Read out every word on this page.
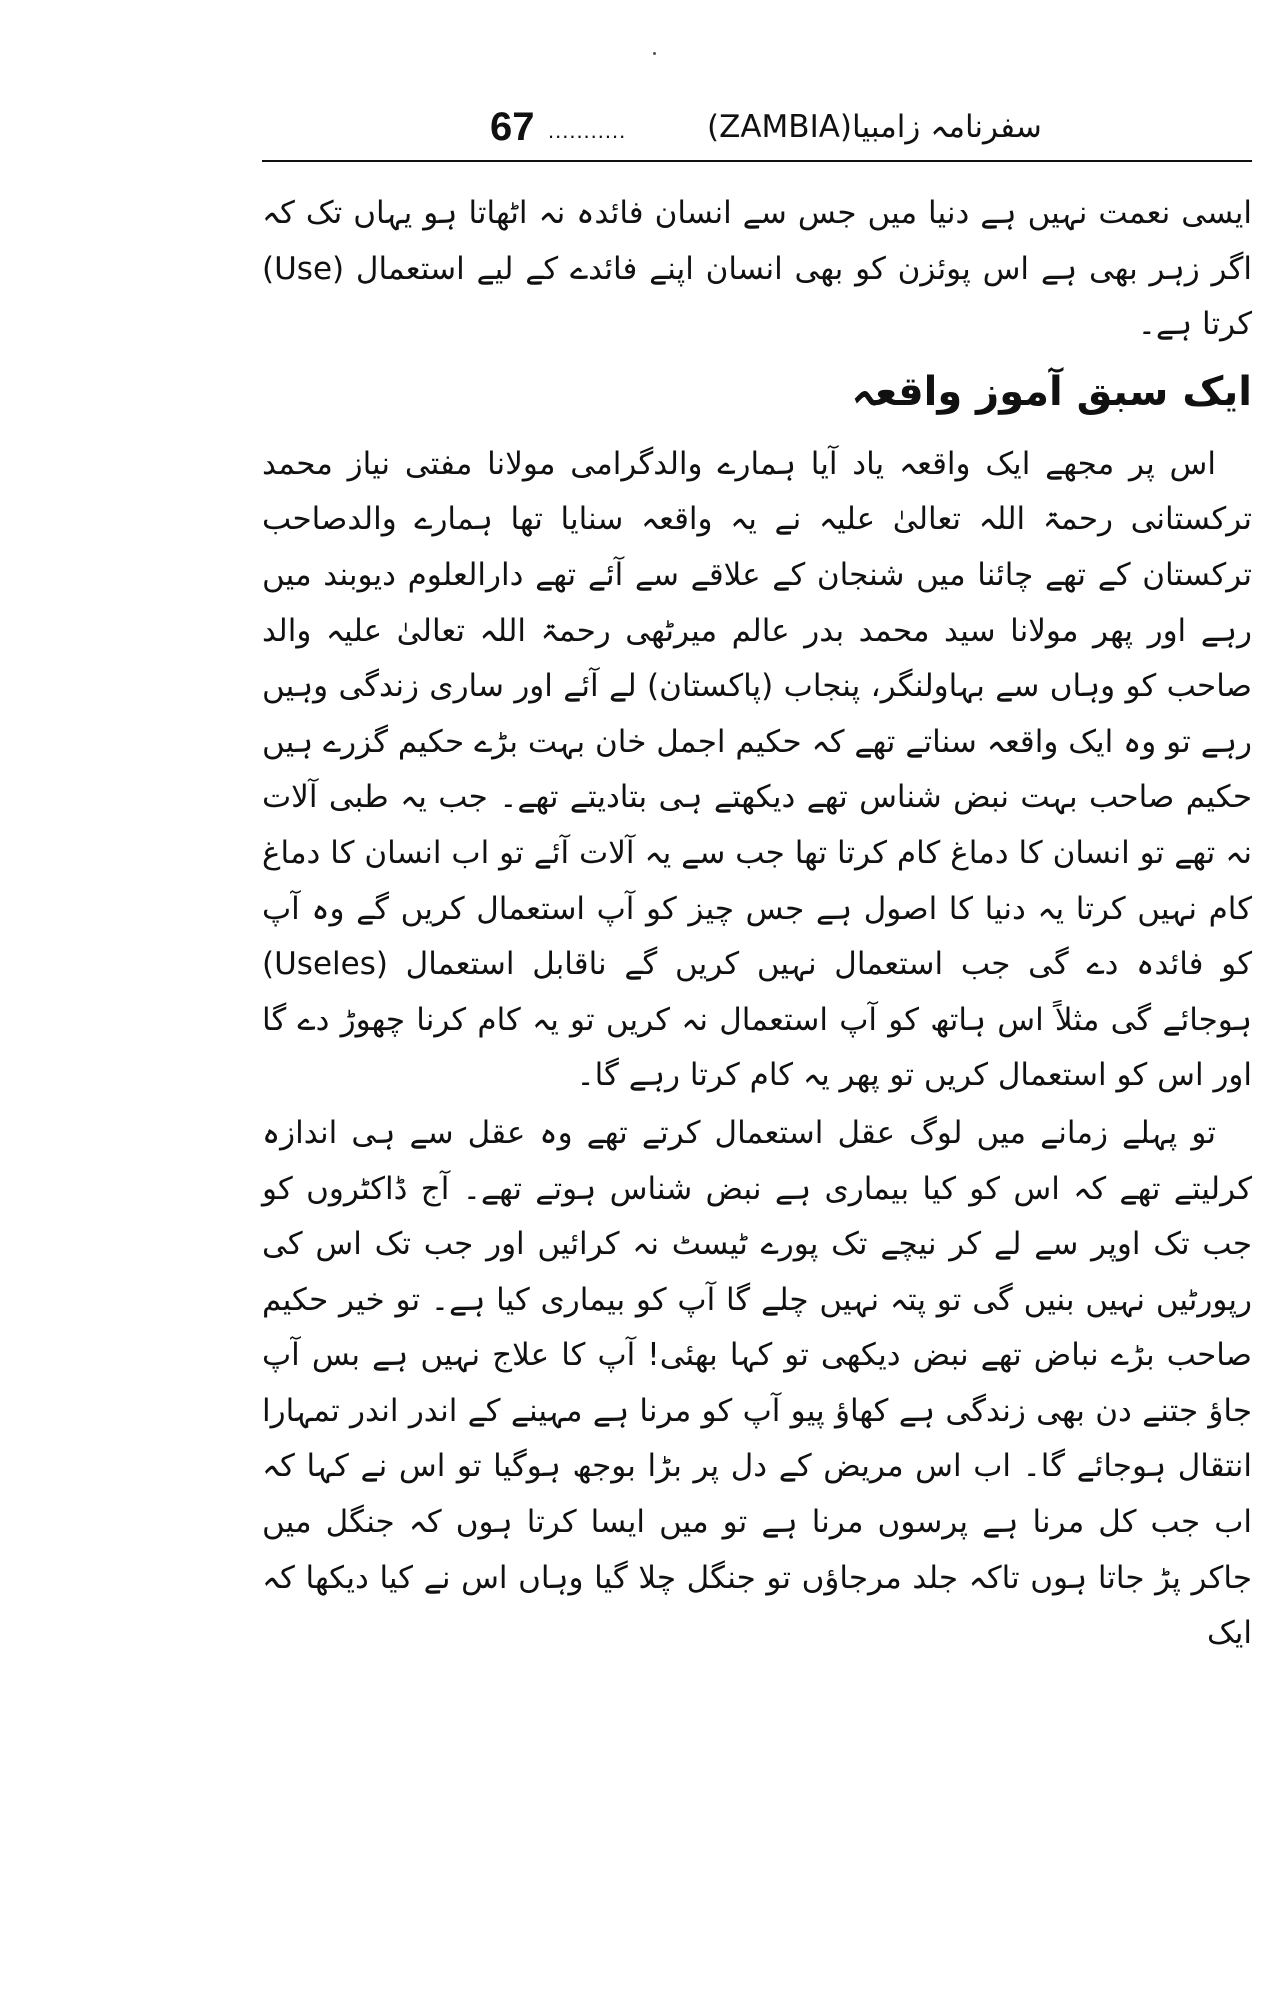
67 ...........	سفرنامہ زامبیا(ZAMBIA)

ایسی نعمت نہیں ہے دنیا میں جس سے انسان فائدہ نہ اٹھاتا ہو یہاں تک کہ اگر زہر بھی ہے اس پوئزن کو بھی انسان اپنے فائدے کے لیے استعمال (Use) کرتا ہے۔

ایک سبق آموز واقعہ

اس پر مجھے ایک واقعہ یاد آیا ہمارے والدگرامی مولانا مفتی نیاز محمد ترکستانی رحمۃ اللہ تعالیٰ علیہ نے یہ واقعہ سنایا تھا ہمارے والدصاحب ترکستان کے تھے چائنا میں شنجان کے علاقے سے آئے تھے دارالعلوم دیوبند میں رہے اور پھر مولانا سید محمد بدر عالم میرٹھی رحمۃ اللہ تعالیٰ علیہ والد صاحب کو وہاں سے بہاولنگر، پنجاب (پاکستان) لے آئے اور ساری زندگی وہیں رہے تو وہ ایک واقعہ سناتے تھے کہ حکیم اجمل خان بہت بڑے حکیم گزرے ہیں حکیم صاحب بہت نبض شناس تھے دیکھتے ہی بتادیتے تھے۔ جب یہ طبی آلات نہ تھے تو انسان کا دماغ کام کرتا تھا جب سے یہ آلات آئے تو اب انسان کا دماغ کام نہیں کرتا یہ دنیا کا اصول ہے جس چیز کو آپ استعمال کریں گے وہ آپ کو فائدہ دے گی جب استعمال نہیں کریں گے ناقابل استعمال (Useles) ہوجائے گی مثلاً اس ہاتھ کو آپ استعمال نہ کریں تو یہ کام کرنا چھوڑ دے گا اور اس کو استعمال کریں تو پھر یہ کام کرتا رہے گا۔

تو پہلے زمانے میں لوگ عقل استعمال کرتے تھے وہ عقل سے ہی اندازہ کرلیتے تھے کہ اس کو کیا بیماری ہے نبض شناس ہوتے تھے۔ آج ڈاکٹروں کو جب تک اوپر سے لے کر نیچے تک پورے ٹیسٹ نہ کرائیں اور جب تک اس کی رپورٹیں نہیں بنیں گی تو پتہ نہیں چلے گا آپ کو بیماری کیا ہے۔ تو خیر حکیم صاحب بڑے نباض تھے نبض دیکھی تو کہا بھئی! آپ کا علاج نہیں ہے بس آپ جاؤ جتنے دن بھی زندگی ہے کھاؤ پیو آپ کو مرنا ہے مہینے کے اندر اندر تمہارا انتقال ہوجائے گا۔ اب اس مریض کے دل پر بڑا بوجھ ہوگیا تو اس نے کہا کہ اب جب کل مرنا ہے پرسوں مرنا ہے تو میں ایسا کرتا ہوں کہ جنگل میں جاکر پڑ جاتا ہوں تاکہ جلد مرجاؤں تو جنگل چلا گیا وہاں اس نے کیا دیکھا کہ ایک
